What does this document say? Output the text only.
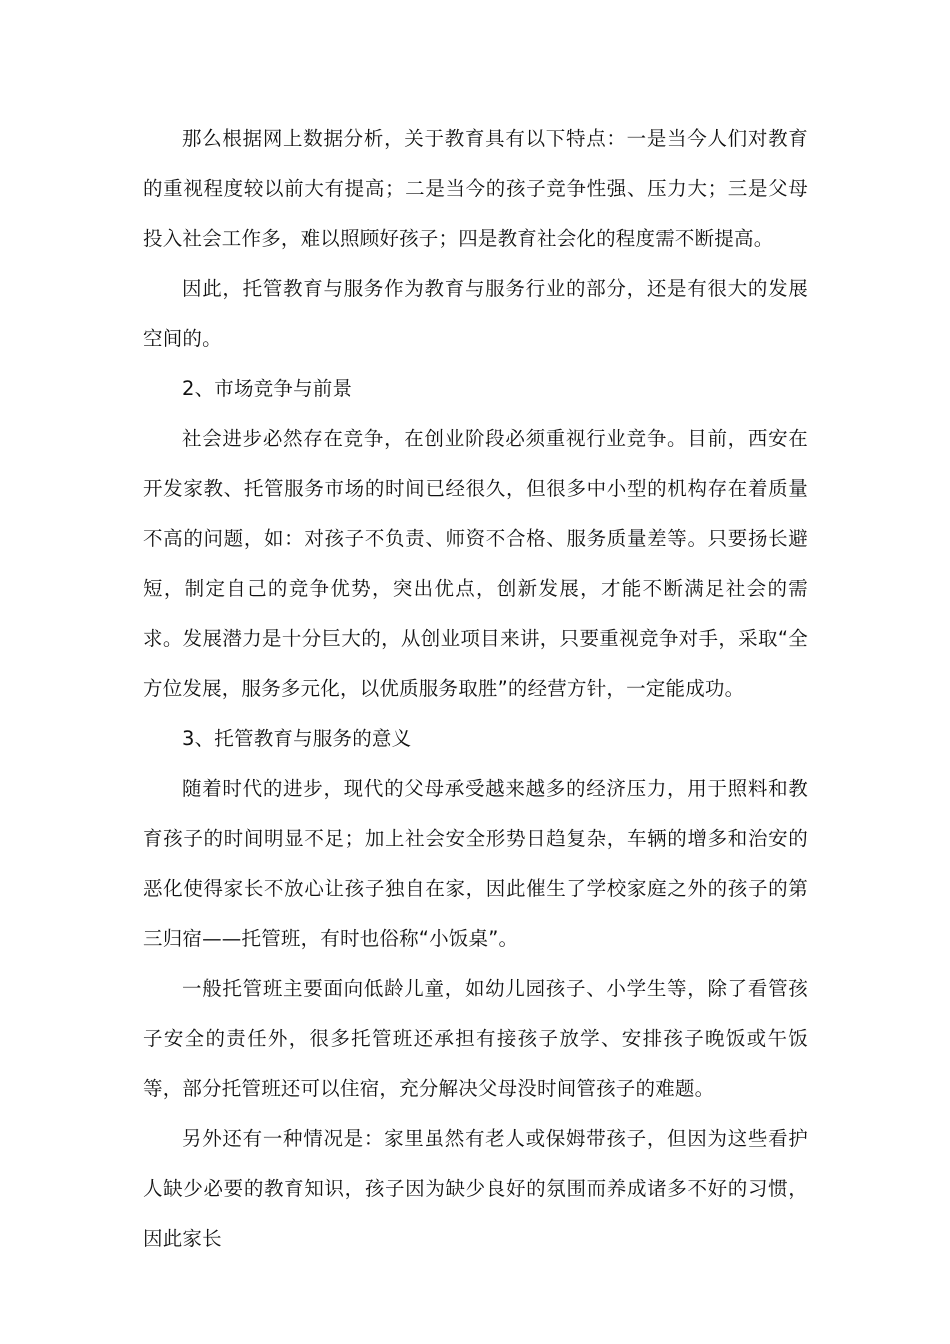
那么根据网上数据分析，关于教育具有以下特点：一是当今人们对教育的重视程度较以前大有提高；二是当今的孩子竞争性强、压力大；三是父母投入社会工作多，难以照顾好孩子；四是教育社会化的程度需不断提高。

因此，托管教育与服务作为教育与服务行业的部分，还是有很大的发展空间的。

2、市场竞争与前景

社会进步必然存在竞争，在创业阶段必须重视行业竞争。目前，西安在开发家教、托管服务市场的时间已经很久，但很多中小型的机构存在着质量不高的问题，如：对孩子不负责、师资不合格、服务质量差等。只要扬长避短，制定自己的竞争优势，突出优点，创新发展，才能不断满足社会的需求。发展潜力是十分巨大的，从创业项目来讲，只要重视竞争对手，采取“全方位发展，服务多元化，以优质服务取胜”的经营方针，一定能成功。

3、托管教育与服务的意义

随着时代的进步，现代的父母承受越来越多的经济压力，用于照料和教育孩子的时间明显不足；加上社会安全形势日趋复杂，车辆的增多和治安的恶化使得家长不放心让孩子独自在家，因此催生了学校家庭之外的孩子的第三归宿——托管班，有时也俗称“小饭桌”。

一般托管班主要面向低龄儿童，如幼儿园孩子、小学生等，除了看管孩子安全的责任外，很多托管班还承担有接孩子放学、安排孩子晚饭或午饭等，部分托管班还可以住宿，充分解决父母没时间管孩子的难题。

另外还有一种情况是：家里虽然有老人或保姆带孩子，但因为这些看护人缺少必要的教育知识，孩子因为缺少良好的氛围而养成诸多不好的习惯，因此家长
